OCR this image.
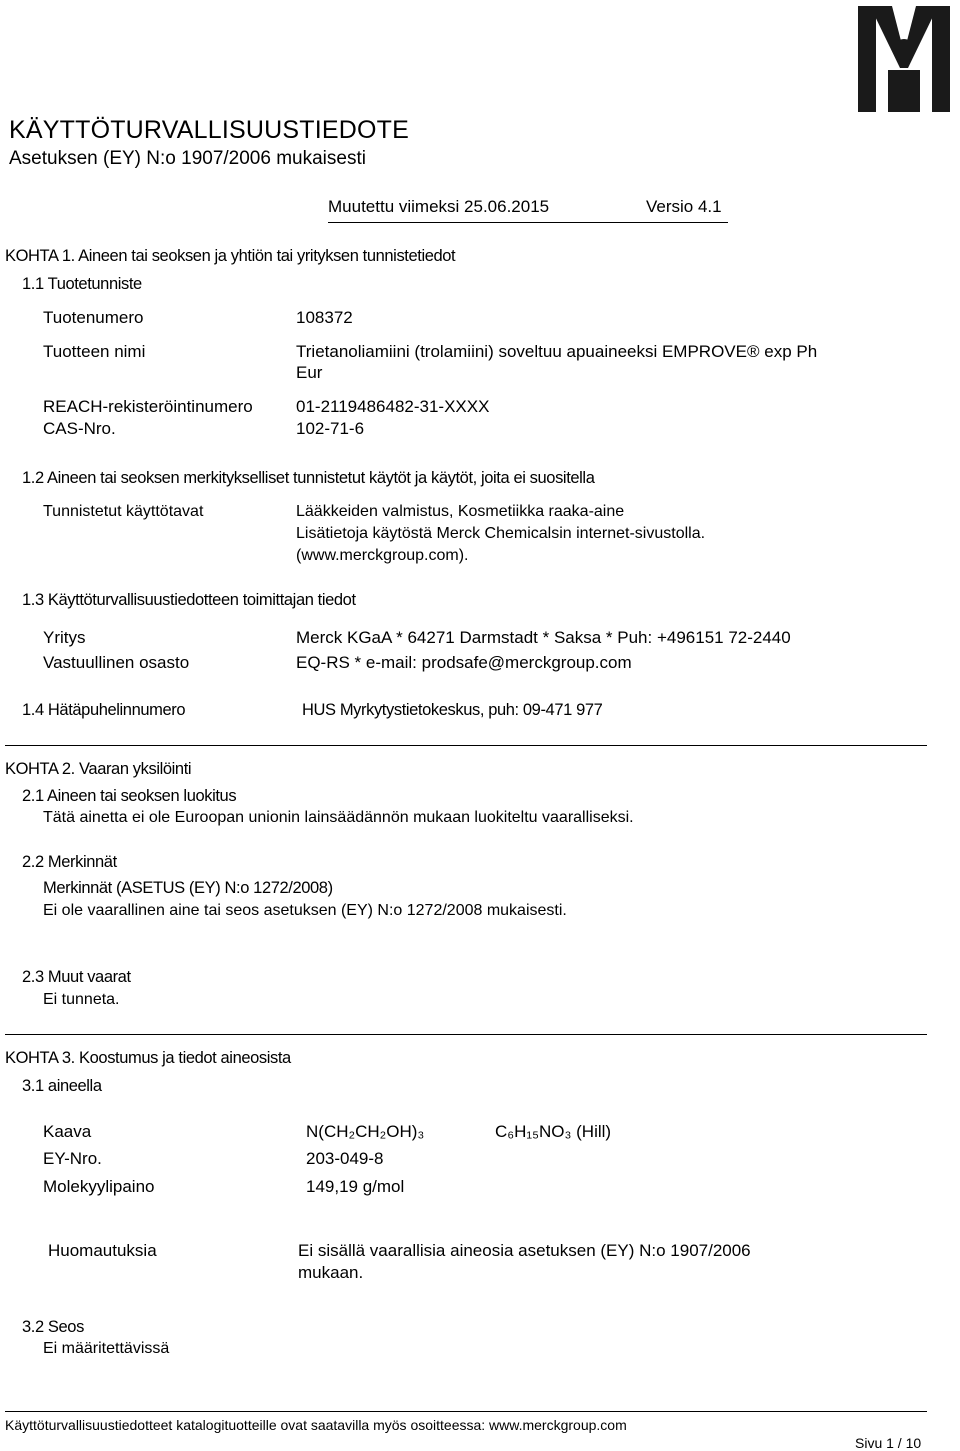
KÄYTTÖTURVALLISUUSTIEDOTE
Asetuksen (EY) N:o 1907/2006 mukaisesti
Muutettu viimeksi 25.06.2015	Versio 4.1
KOHTA 1. Aineen tai seoksen ja yhtiön tai yrityksen tunnistetiedot
1.1 Tuotetunniste
Tuotenumero	108372
Tuotteen nimi	Trietanoliamiini (trolamiini) soveltuu apuaineeksi EMPROVE® exp Ph
Eur
REACH-rekisteröintinumero	01-2119486482-31-XXXX
CAS-Nro.	102-71-6
1.2 Aineen tai seoksen merkitykselliset tunnistetut käytöt ja käytöt, joita ei suositella
Tunnistetut käyttötavat	Lääkkeiden valmistus, Kosmetiikka raaka-aine
Lisätietoja käytöstä Merck Chemicalsin internet-sivustolla.
(www.merckgroup.com).
1.3 Käyttöturvallisuustiedotteen toimittajan tiedot
Yritys	Merck KGaA * 64271 Darmstadt * Saksa * Puh: +496151 72-2440
Vastuullinen osasto	EQ-RS * e-mail: prodsafe@merckgroup.com
1.4 Hätäpuhelinnumero	HUS Myrkytystietokeskus, puh: 09-471 977
KOHTA 2. Vaaran yksilöinti
2.1 Aineen tai seoksen luokitus
Tätä ainetta ei ole Euroopan unionin lainsäädännön mukaan luokiteltu vaaralliseksi.
2.2 Merkinnät
Merkinnät (ASETUS (EY) N:o 1272/2008)
Ei ole vaarallinen aine tai seos asetuksen (EY) N:o 1272/2008 mukaisesti.
2.3 Muut vaarat
Ei tunneta.
KOHTA 3. Koostumus ja tiedot aineosista
3.1 aineella
Kaava	N(CH₂CH₂OH)₃	C₆H₁₅NO₃ (Hill)
EY-Nro.	203-049-8
Molekyylipaino	149,19 g/mol
Huomautuksia	Ei sisällä vaarallisia aineosia asetuksen (EY) N:o 1907/2006
mukaan.
3.2 Seos
Ei määritettävissä
Käyttöturvallisuustiedotteet katalogituotteille ovat saatavilla myös osoitteessa: www.merckgroup.com
Sivu 1 / 10
